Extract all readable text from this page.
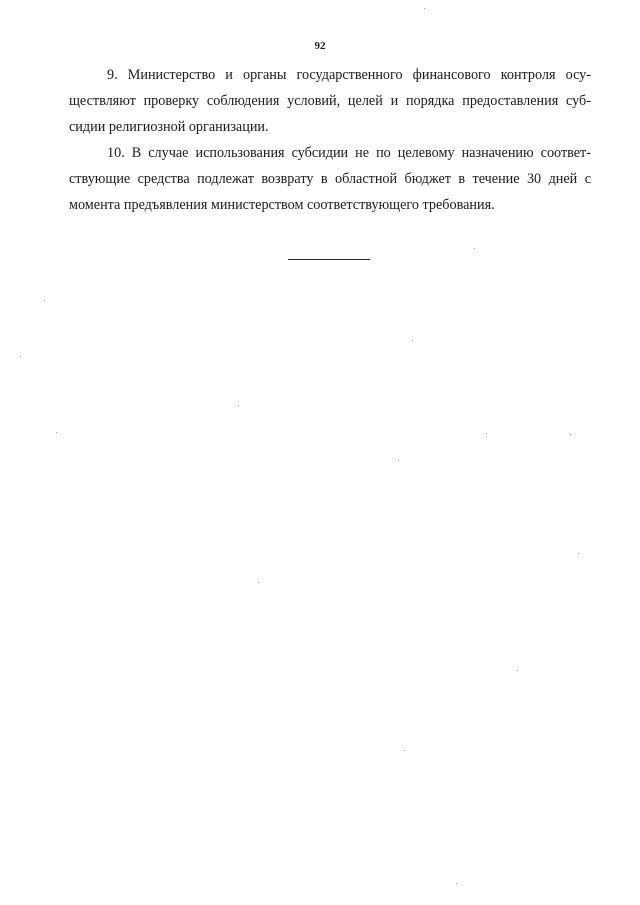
92
9. Министерство и органы государственного финансового контроля осу-
ществляют проверку соблюдения условий, целей и порядка предоставления суб-
сидии религиозной организации.
10. В случае использования субсидии не по целевому назначению соответ-
ствующие средства подлежат возврату в областной бюджет в течение 30 дней с
момента предъявления министерством соответствующего требования.
